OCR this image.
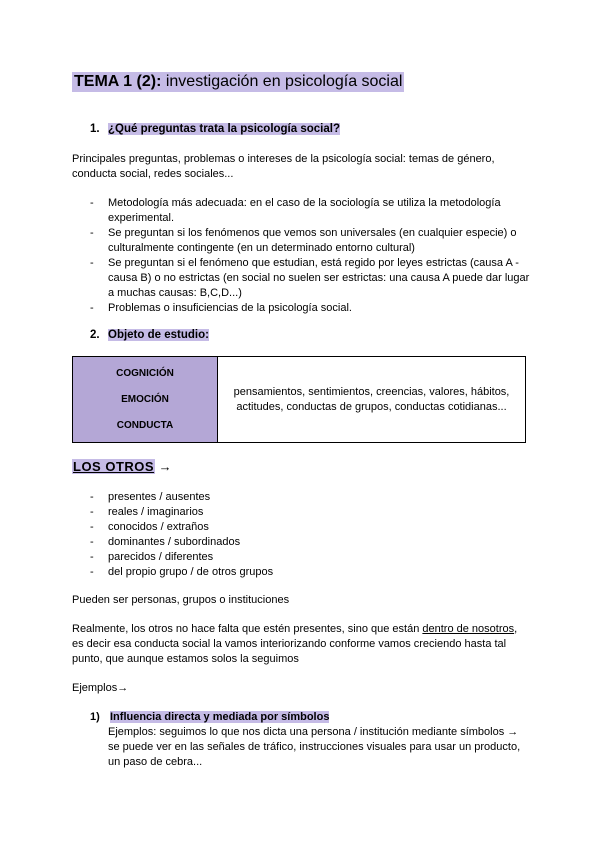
TEMA 1 (2): investigación en psicología social
1. ¿Qué preguntas trata la psicología social?
Principales preguntas, problemas o intereses de la psicología social: temas de género, conducta social, redes sociales...
- Metodología más adecuada: en el caso de la sociología se utiliza la metodología experimental.
- Se preguntan si los fenómenos que vemos son universales (en cualquier especie) o culturalmente contingente (en un determinado entorno cultural)
- Se preguntan si el fenómeno que estudian, está regido por leyes estrictas (causa A - causa B) o no estrictas (en social no suelen ser estrictas: una causa A puede dar lugar a muchas causas: B,C,D...)
- Problemas o insuficiencias de la psicología social.
2. Objeto de estudio:
COGNICIÓN
EMOCIÓN
CONDUCTA
pensamientos, sentimientos, creencias, valores, hábitos, actitudes, conductas de grupos, conductas cotidianas...
LOS OTROS →
- presentes / ausentes
- reales / imaginarios
- conocidos / extraños
- dominantes / subordinados
- parecidos / diferentes
- del propio grupo / de otros grupos
Pueden ser personas, grupos o instituciones
Realmente, los otros no hace falta que estén presentes, sino que están dentro de nosotros, es decir esa conducta social la vamos interiorizando conforme vamos creciendo hasta tal punto, que aunque estamos solos la seguimos
Ejemplos→
1) Influencia directa y mediada por símbolos
Ejemplos: seguimos lo que nos dicta una persona / institución mediante símbolos → se puede ver en las señales de tráfico, instrucciones visuales para usar un producto, un paso de cebra...
